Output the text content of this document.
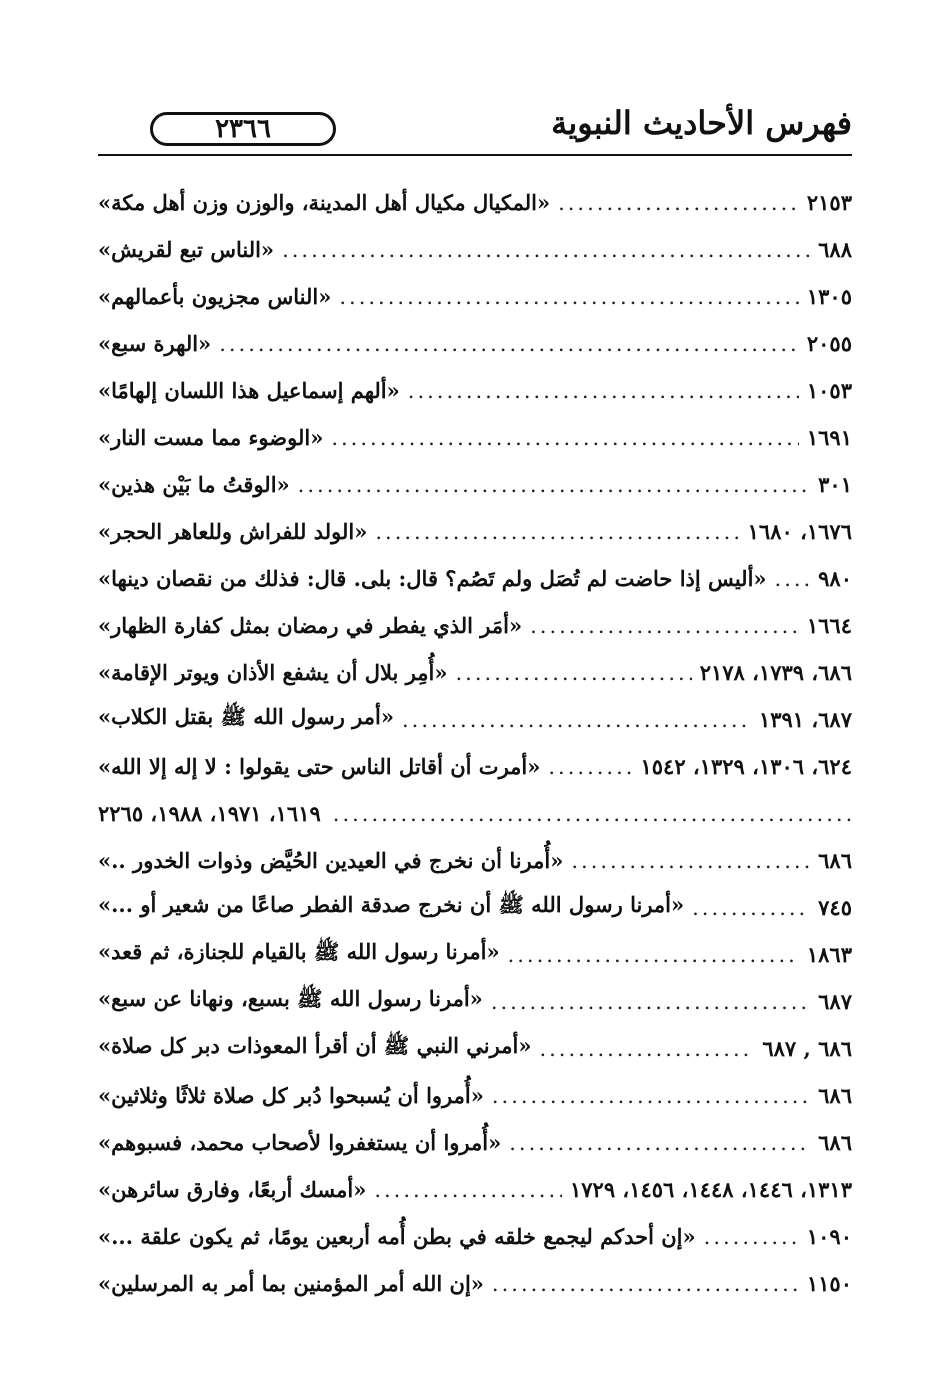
٢٣٦٦	فهرس الأحاديث النبوية
«المكيال مكيال أهل المدينة، والوزن وزن أهل مكة» .....	٢١٥٣
«الناس تبع لقريش» .....	٦٨٨
«الناس مجزيون بأعمالهم» .....	١٣٠٥
«الهرة سبع» .....	٢٠٥٥
«ألهم إسماعيل هذا اللسان إلهامًا» .....	١٠٥٣
«الوضوء مما مست النار» .....	١٦٩١
«الوقتُ ما بَيْن هذين» .....	٣٠١
«الولد للفراش وللعاهر الحجر» .....	١٦٧٦، ١٦٨٠
«أليس إذا حاضت لم تُصَل ولم تَصُم؟ قال: بلى. قال: فذلك من نقصان دينها» ..... ٩٨٠
«أمَر الذي يفطر في رمضان بمثل كفارة الظهار» .....	١٦٦٤
«أُمِر بلال أن يشفع الأذان ويوتر الإقامة» .....	٦٨٦، ١٧٣٩، ٢١٧٨
«أمر رسول الله ﷺ بقتل الكلاب» .....	٦٨٧، ١٣٩١
«أمرت أن أقاتل الناس حتى يقولوا : لا إله إلا الله» .....	٦٢٤، ١٣٠٦، ١٣٢٩، ١٥٤٢
.....
١٦١٩، ١٩٧١، ١٩٨٨، ٢٢٦٥
«أُمرنا أن نخرج في العيدين الحُيَّض وذوات الخدور ..» .....	٦٨٦
«أمرنا رسول الله ﷺ أن نخرج صدقة الفطر صاعًا من شعير أو ...» .....	٧٤٥
«أمرنا رسول الله ﷺ بالقيام للجنازة، ثم قعد» .....	١٨٦٣
«أمرنا رسول الله ﷺ بسبع، ونهانا عن سبع» .....	٦٨٧
«أمرني النبي ﷺ أن أقرأ المعوذات دبر كل صلاة» .....	٦٨٦ , ٦٨٧
«أُمروا أن يُسبحوا دُبر كل صلاة ثلاثًا وثلاثين» .....	٦٨٦
«أُمروا أن يستغفروا لأصحاب محمد، فسبوهم» .....	٦٨٦
«أمسك أربعًا، وفارق سائرهن» .....	١٣١٣، ١٤٤٦، ١٤٤٨، ١٤٥٦، ١٧٢٩
«إن أحدكم ليجمع خلقه في بطن أُمه أربعين يومًا، ثم يكون علقة ...» .....	١٠٩٠
«إن الله أمر المؤمنين بما أمر به المرسلين» .....	١١٥٠
